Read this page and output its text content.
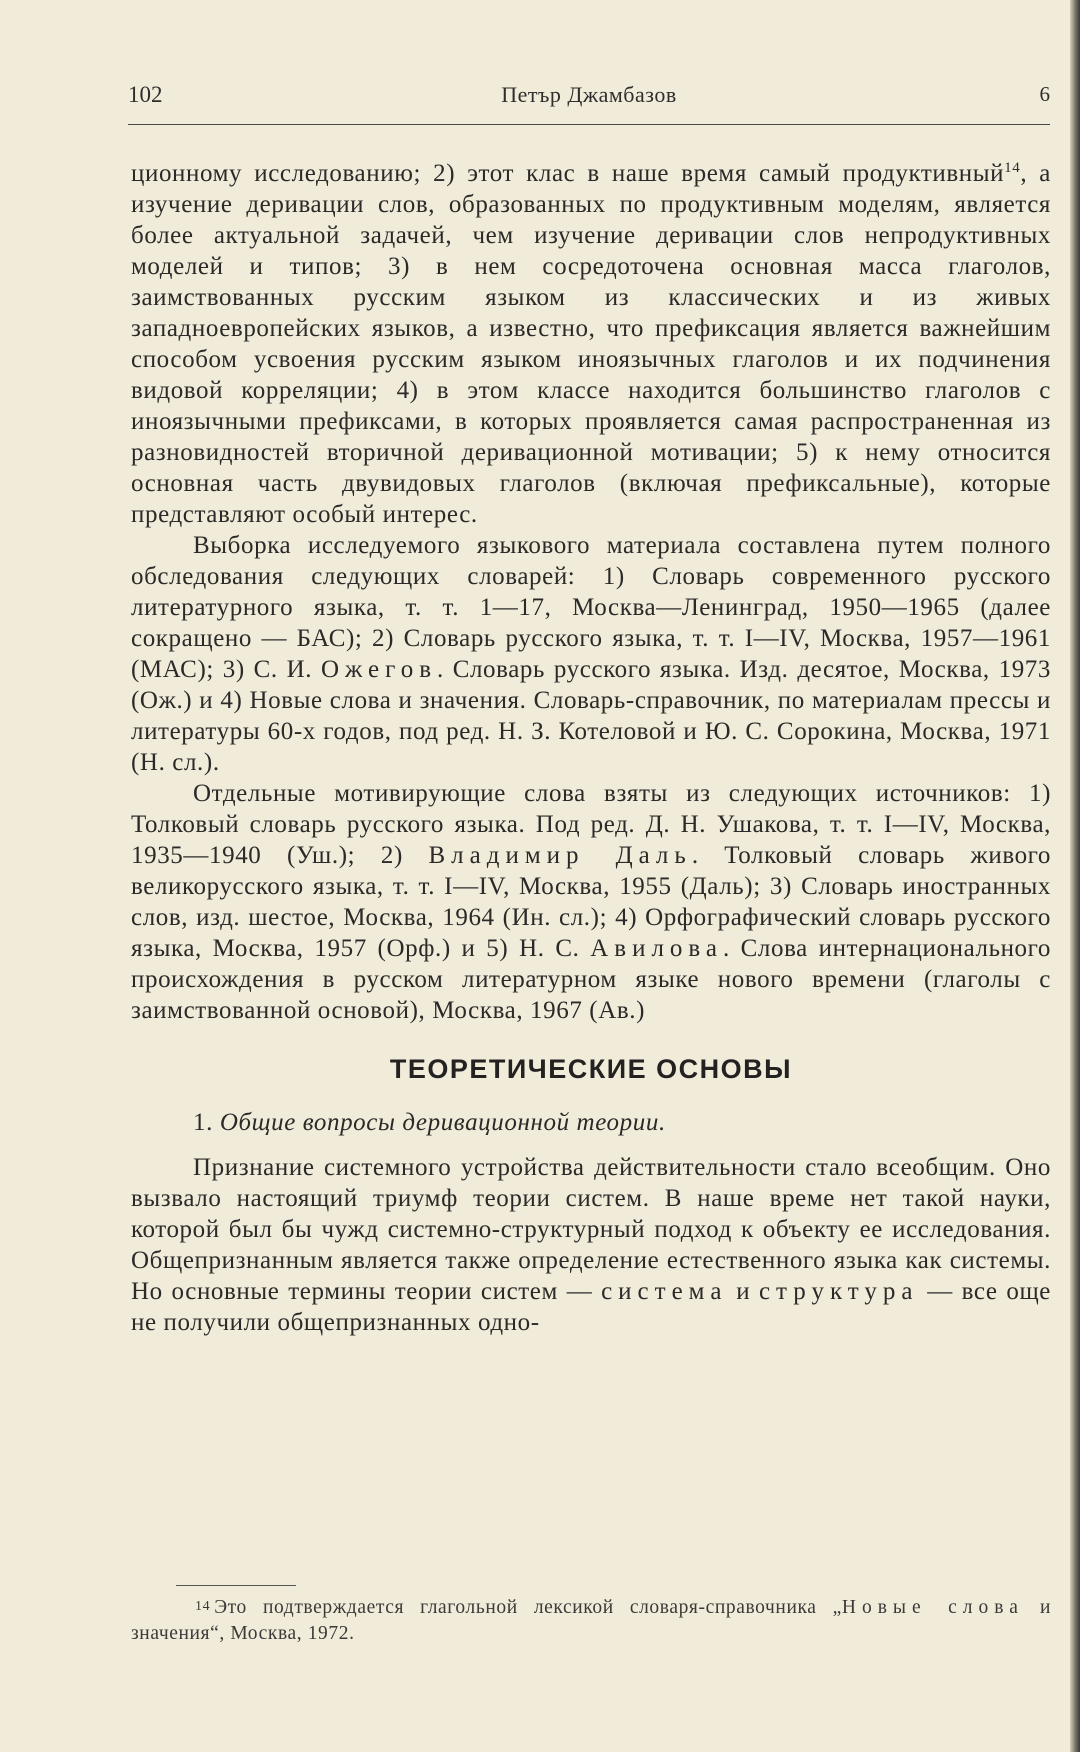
102	Петър Джамбазов	6

ционному исследованию; 2) этот клас в наше время самый продуктивный$^{14}$, а изучение деривации слов, образованных по продуктивным моделям, является более актуальной задачей, чем изучение деривации слов непродуктивных моделей и типов; 3) в нем сосредоточена основная масса глаголов, заимствованных русским языком из классических и из живых западноевропейских языков, а известно, что префиксация является важнейшим способом усвоения русским языком иноязычных глаголов и их подчинения видовой корреляции; 4) в этом классе находится большинство глаголов с иноязычными префиксами, в которых проявляется самая распространенная из разновидностей вторичной деривационной мотивации; 5) к нему относится основная часть двувидовых глаголов (включая префиксальные), которые представляют особый интерес.

Выборка исследуемого языкового материала составлена путем полного обследования следующих словарей: 1) Словарь современного русского литературного языка, т. т. 1—17, Москва—Ленинград, 1950—1965 (далее сокращено — БАС); 2) Словарь русского языка, т. т. I—IV, Москва, 1957—1961 (МАС); 3) С. И. Ожегов. Словарь русского языка. Изд. десятое, Москва, 1973 (Ож.) и 4) Новые слова и значения. Словарь-справочник, по материалам прессы и литературы 60-х годов, под ред. Н. З. Котеловой и Ю. С. Сорокина, Москва, 1971 (Н. сл.).

Отдельные мотивирующие слова взяты из следующих источников: 1) Толковый словарь русского языка. Под ред. Д. Н. Ушакова, т. т. I—IV, Москва, 1935—1940 (Уш.); 2) Владимир Даль. Толковый словарь живого великорусского языка, т. т. I—IV, Москва, 1955 (Даль); 3) Словарь иностранных слов, изд. шестое, Москва, 1964 (Ин. сл.); 4) Орфографический словарь русского языка, Москва, 1957 (Орф.) и 5) Н. С. Авилова. Слова интернационального происхождения в русском литературном языке нового времени (глаголы с заимствованной основой), Москва, 1967 (Ав.)

ТЕОРЕТИЧЕСКИЕ ОСНОВЫ
1. Общие вопросы деривационной теории.

Признание системного устройства действительности стало всеобщим. Оно вызвало настоящий триумф теории систем. В наше време нет такой науки, которой был бы чужд системно-структурный подход к объекту ее исследования. Общепризнанным является также определение естественного языка как системы. Но основные термины теории систем — система и структура — все още не получили общепризнанных одно-

$^{14}$ Это подтверждается глагольной лексикой словаря-справочника „Новые слова и значения“, Москва, 1972.
